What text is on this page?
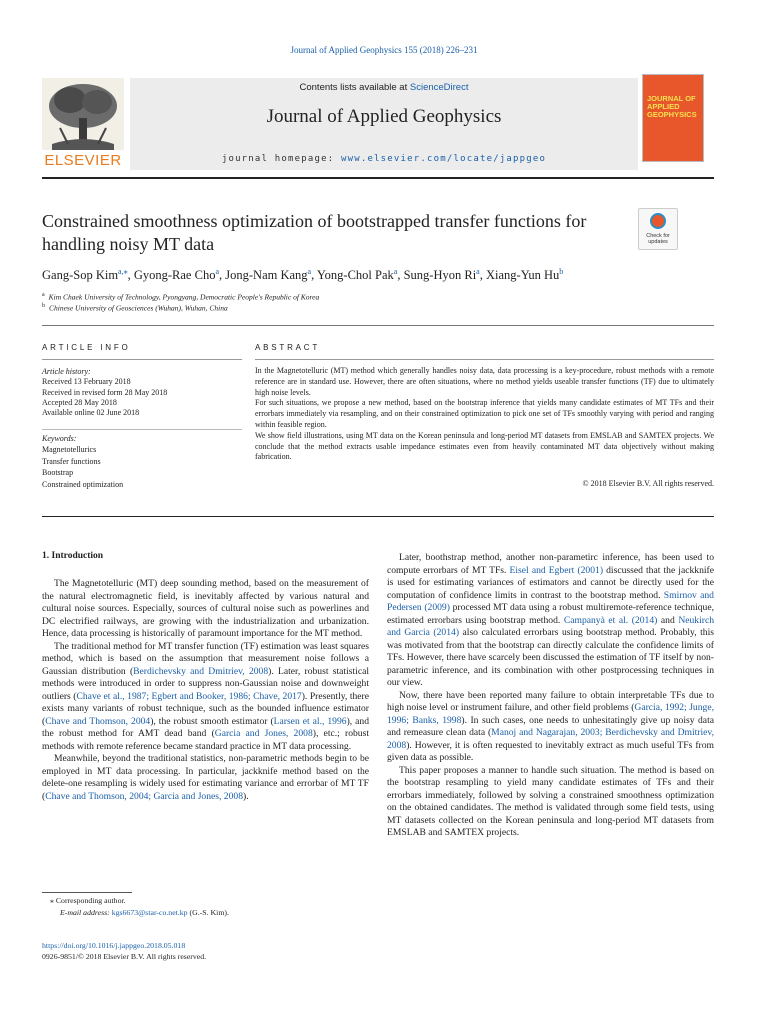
Journal of Applied Geophysics 155 (2018) 226–231
ELSEVIER
Contents lists available at ScienceDirect
Journal of Applied Geophysics
journal homepage: www.elsevier.com/locate/jappgeo
JOURNAL OF APPLIED GEOPHYSICS
Constrained smoothness optimization of bootstrapped transfer functions for handling noisy MT data	Check for updates
Gang-Sop Kim$^{a,⁎}$, Gyong-Rae Cho$^a$, Jong-Nam Kang$^a$, Yong-Chol Pak$^a$, Sung-Hyon Ri$^a$, Xiang-Yun Hu$^b$
$^a$ Kim Chaek University of Technology, Pyongyang, Democratic People's Republic of Korea
$^b$ Chinese University of Geosciences (Wuhan), Wuhan, China
ARTICLE INFO
Article history:
Received 13 February 2018
Received in revised form 28 May 2018
Accepted 28 May 2018
Available online 02 June 2018
Keywords:
Magnetotellurics
Transfer functions
Bootstrap
Constrained optimization
ABSTRACT

In the Magnetotelluric (MT) method which generally handles noisy data, data processing is a key-procedure, robust methods with a remote reference are in standard use. However, there are often situations, where no method yields useable transfer functions (TF) due to ultimately high noise levels.

For such situations, we propose a new method, based on the bootstrap inference that yields many candidate estimates of MT TFs and their errorbars immediately via resampling, and on their constrained optimization to pick one set of TFs smoothly varying with period and ranging within feasible region.

We show field illustrations, using MT data on the Korean peninsula and long-period MT datasets from EMSLAB and SAMTEX projects. We conclude that the method extracts usable impedance estimates even from heavily contaminated MT data objectively without making fabrication.

© 2018 Elsevier B.V. All rights reserved.
1. Introduction

The Magnetotelluric (MT) deep sounding method, based on the measurement of the natural electromagnetic field, is inevitably affected by various natural and cultural noise sources. Especially, sources of cultural noise such as powerlines and DC electrified railways, are growing with the industrialization and urbanization. Hence, data processing is historically of paramount importance for the MT method.

The traditional method for MT transfer function (TF) estimation was least squares method, which is based on the assumption that measurement noise follows a Gaussian distribution (Berdichevsky and Dmitriev, 2008). Later, robust statistical methods were introduced in order to suppress non-Gaussian noise and downweight outliers (Chave et al., 1987; Egbert and Booker, 1986; Chave, 2017). Presently, there exists many variants of robust technique, such as the bounded influence estimator (Chave and Thomson, 2004), the robust smooth estimator (Larsen et al., 1996), and the robust method for AMT dead band (Garcia and Jones, 2008), etc.; robust methods with remote reference became standard practice in MT data processing.

Meanwhile, beyond the traditional statistics, non-parametric methods begin to be employed in MT data processing. In particular, jackknife method based on the delete-one resampling is widely used for estimating variance and errorbar of MT TF (Chave and Thomson, 2004; Garcia and Jones, 2008).

⁎ Corresponding author.
E-mail address: kgs6673@star-co.net.kp (G.-S. Kim).
https://doi.org/10.1016/j.jappgeo.2018.05.018
0926-9851/© 2018 Elsevier B.V. All rights reserved.

Later, boothstrap method, another non-parametirc inference, has been used to compute errorbars of MT TFs. Eisel and Egbert (2001) discussed that the jackknife is used for estimating variances of estimators and cannot be directly used for the computation of confidence limits in contrast to the bootstrap method. Smirnov and Pedersen (2009) processed MT data using a robust multiremote-reference technique, estimated errorbars using bootstrap method. Campanyà et al. (2014) and Neukirch and Garcia (2014) also calculated errorbars using bootstrap method. Probably, this was motivated from that the bootstrap can directly calculate the confidence limits of TFs. However, there have scarcely been discussed the estimation of TF itself by non-parametric inference, and its combination with other postprocessing techniques in our view.

Now, there have been reported many failure to obtain interpretable TFs due to high noise level or instrument failure, and other field problems (Garcia, 1992; Junge, 1996; Banks, 1998). In such cases, one needs to unhesitatingly give up noisy data and remeasure clean data (Manoj and Nagarajan, 2003; Berdichevsky and Dmitriev, 2008). However, it is often requested to inevitably extract as much useful TFs from given data as possible.

This paper proposes a manner to handle such situation. The method is based on the bootstrap resampling to yield many candidate estimates of TFs and their errorbars immediately, followed by solving a constrained smoothness optimization on the obtained candidates. The method is validated through some field tests, using MT datasets collected on the Korean peninsula and long-period MT datasets from EMSLAB and SAMTEX projects.
